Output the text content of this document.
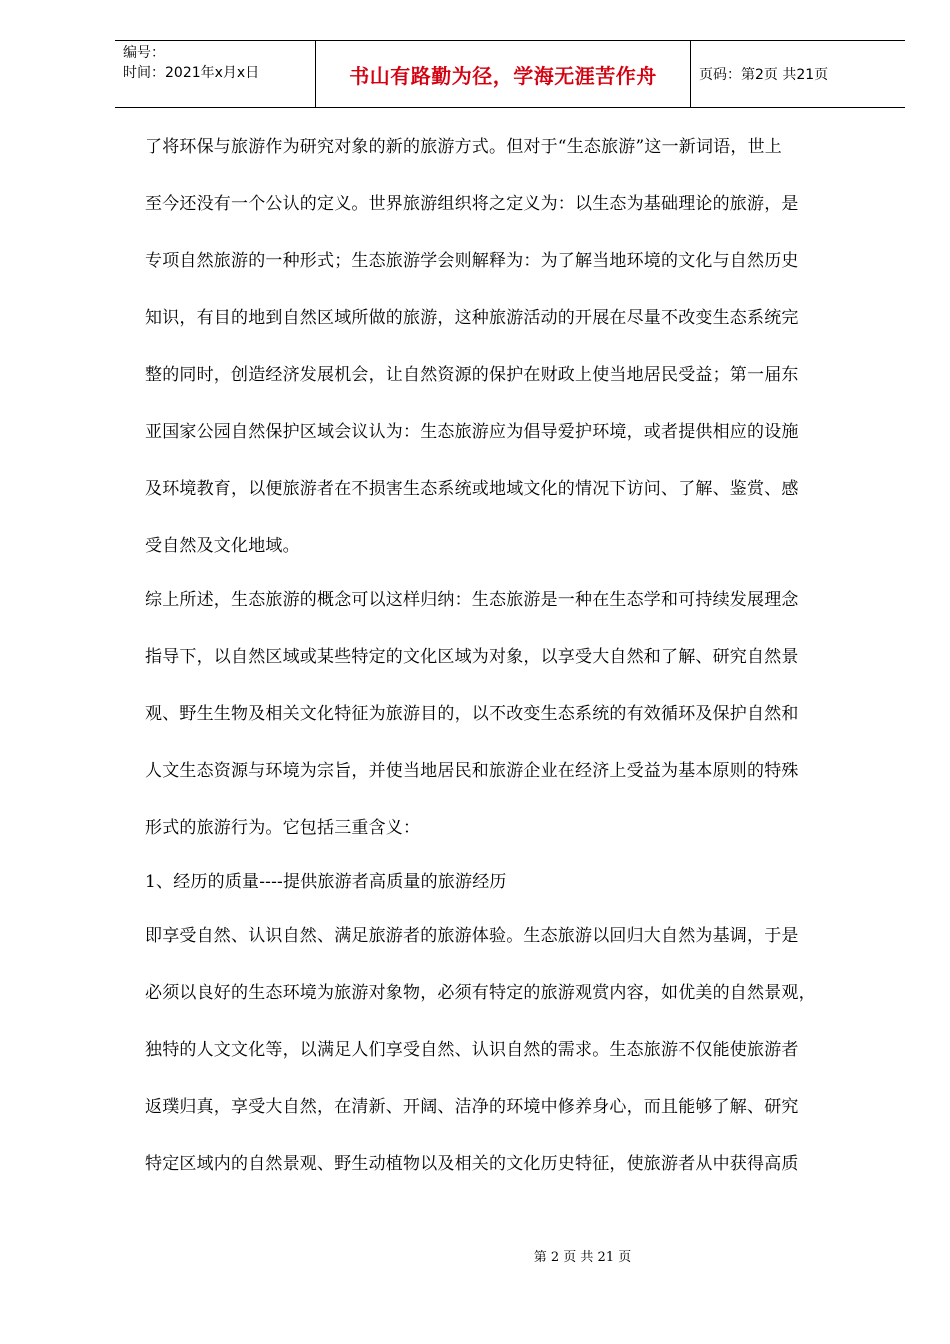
编号：
时间：2021年x月x日	书山有路勤为径，学海无涯苦作舟	页码：第2页 共21页
了将环保与旅游作为研究对象的新的旅游方式。但对于“生态旅游”这一新词语，世上
至今还没有一个公认的定义。世界旅游组织将之定义为：以生态为基础理论的旅游，是
专项自然旅游的一种形式；生态旅游学会则解释为：为了解当地环境的文化与自然历史
知识，有目的地到自然区域所做的旅游，这种旅游活动的开展在尽量不改变生态系统完
整的同时，创造经济发展机会，让自然资源的保护在财政上使当地居民受益；第一届东
亚国家公园自然保护区域会议认为：生态旅游应为倡导爱护环境，或者提供相应的设施
及环境教育，以便旅游者在不损害生态系统或地域文化的情况下访问、了解、鉴赏、感
受自然及文化地域。
综上所述，生态旅游的概念可以这样归纳：生态旅游是一种在生态学和可持续发展理念
指导下，以自然区域或某些特定的文化区域为对象，以享受大自然和了解、研究自然景
观、野生生物及相关文化特征为旅游目的，以不改变生态系统的有效循环及保护自然和
人文生态资源与环境为宗旨，并使当地居民和旅游企业在经济上受益为基本原则的特殊
形式的旅游行为。它包括三重含义：
1、经历的质量----提供旅游者高质量的旅游经历
即享受自然、认识自然、满足旅游者的旅游体验。生态旅游以回归大自然为基调，于是
必须以良好的生态环境为旅游对象物，必须有特定的旅游观赏内容，如优美的自然景观，
独特的人文文化等，以满足人们享受自然、认识自然的需求。生态旅游不仅能使旅游者
返璞归真，享受大自然，在清新、开阔、洁净的环境中修养身心，而且能够了解、研究
特定区域内的自然景观、野生动植物以及相关的文化历史特征，使旅游者从中获得高质
第 2 页 共 21 页
